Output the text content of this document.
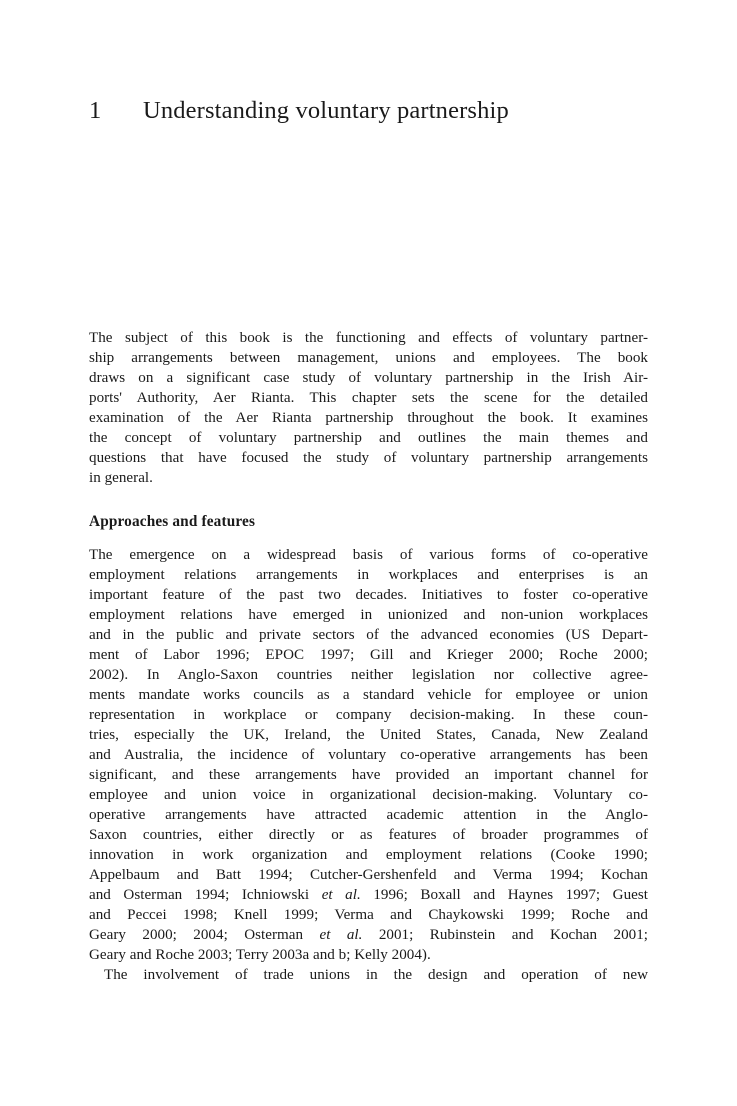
1 Understanding voluntary partnership
The subject of this book is the functioning and effects of voluntary partner-
ship arrangements between management, unions and employees. The book
draws on a significant case study of voluntary partnership in the Irish Air-
ports' Authority, Aer Rianta. This chapter sets the scene for the detailed
examination of the Aer Rianta partnership throughout the book. It examines
the concept of voluntary partnership and outlines the main themes and
questions that have focused the study of voluntary partnership arrangements
in general.
Approaches and features
The emergence on a widespread basis of various forms of co-operative
employment relations arrangements in workplaces and enterprises is an
important feature of the past two decades. Initiatives to foster co-operative
employment relations have emerged in unionized and non-union workplaces
and in the public and private sectors of the advanced economies (US Depart-
ment of Labor 1996; EPOC 1997; Gill and Krieger 2000; Roche 2000;
2002). In Anglo-Saxon countries neither legislation nor collective agree-
ments mandate works councils as a standard vehicle for employee or union
representation in workplace or company decision-making. In these coun-
tries, especially the UK, Ireland, the United States, Canada, New Zealand
and Australia, the incidence of voluntary co-operative arrangements has been
significant, and these arrangements have provided an important channel for
employee and union voice in organizational decision-making. Voluntary co-
operative arrangements have attracted academic attention in the Anglo-
Saxon countries, either directly or as features of broader programmes of
innovation in work organization and employment relations (Cooke 1990;
Appelbaum and Batt 1994; Cutcher-Gershenfeld and Verma 1994; Kochan
and Osterman 1994; Ichniowski et al. 1996; Boxall and Haynes 1997; Guest
and Peccei 1998; Knell 1999; Verma and Chaykowski 1999; Roche and
Geary 2000; 2004; Osterman et al. 2001; Rubinstein and Kochan 2001;
Geary and Roche 2003; Terry 2003a and b; Kelly 2004).
The involvement of trade unions in the design and operation of new
